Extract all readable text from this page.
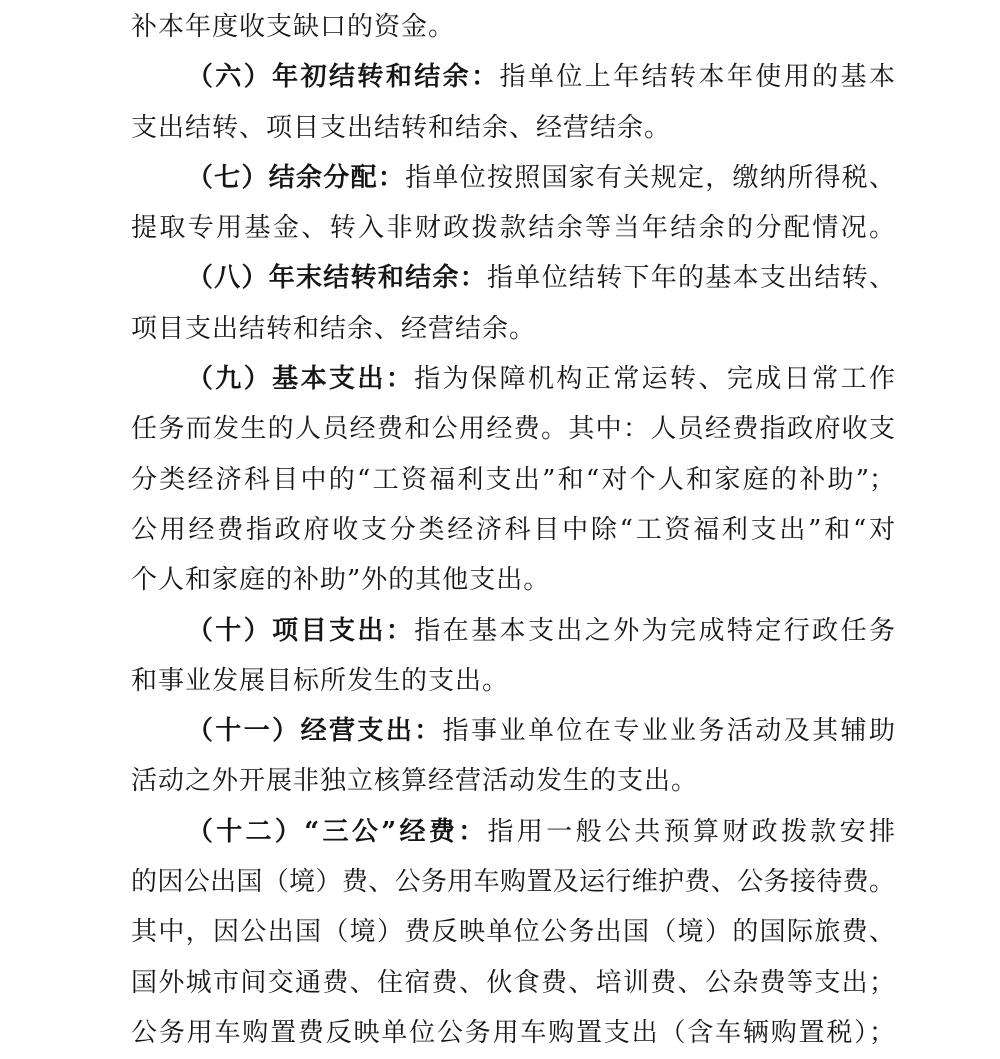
补本年度收支缺口的资金。
（六）年初结转和结余：指单位上年结转本年使用的基本
支出结转、项目支出结转和结余、经营结余。
（七）结余分配：指单位按照国家有关规定，缴纳所得税、
提取专用基金、转入非财政拨款结余等当年结余的分配情况。
（八）年末结转和结余：指单位结转下年的基本支出结转、
项目支出结转和结余、经营结余。
（九）基本支出：指为保障机构正常运转、完成日常工作
任务而发生的人员经费和公用经费。其中：人员经费指政府收支
分类经济科目中的“工资福利支出”和“对个人和家庭的补助”；
公用经费指政府收支分类经济科目中除“工资福利支出”和“对
个人和家庭的补助”外的其他支出。
（十）项目支出：指在基本支出之外为完成特定行政任务
和事业发展目标所发生的支出。
（十一）经营支出：指事业单位在专业业务活动及其辅助
活动之外开展非独立核算经营活动发生的支出。
（十二）“三公”经费：指用一般公共预算财政拨款安排
的因公出国（境）费、公务用车购置及运行维护费、公务接待费。
其中，因公出国（境）费反映单位公务出国（境）的国际旅费、
国外城市间交通费、住宿费、伙食费、培训费、公杂费等支出；
公务用车购置费反映单位公务用车购置支出（含车辆购置税）；
